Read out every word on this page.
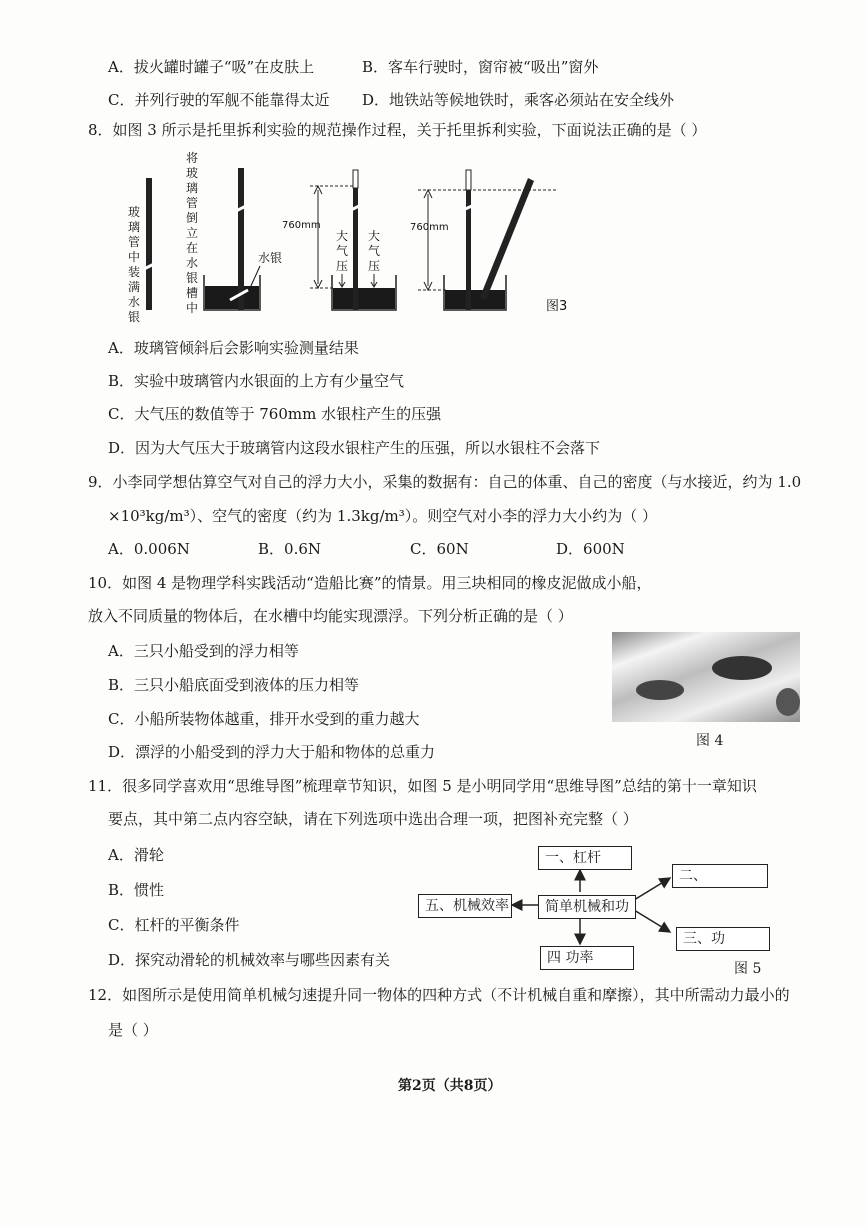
A．拔火罐时罐子“吸”在皮肤上	B．客车行驶时，窗帘被“吸出”窗外
C．并列行驶的军舰不能靠得太近 D．地铁站等候地铁时，乘客必须站在安全线外
8．如图 3 所示是托里拆利实验的规范操作过程，关于托里拆利实验，下面说法正确的是（ ）
玻
璃
管
中
装
满
水
银
将
玻
璃
管
倒
立
在
水
银
槽
中
水银
760mm
大
气
压
大
气
压
760mm
图3
A．玻璃管倾斜后会影响实验测量结果
B．实验中玻璃管内水银面的上方有少量空气
C．大气压的数值等于 760mm 水银柱产生的压强
D．因为大气压大于玻璃管内这段水银柱产生的压强，所以水银柱不会落下
9．小李同学想估算空气对自己的浮力大小，采集的数据有：自己的体重、自己的密度（与水接近，约为 1.0
×10³kg/m³）、空气的密度（约为 1.3kg/m³）。则空气对小李的浮力大小约为（ ）
A．0.006N	B．0.6N	C．60N	D．600N
10．如图 4 是物理学科实践活动“造船比赛”的情景。用三块相同的橡皮泥做成小船，
放入不同质量的物体后，在水槽中均能实现漂浮。下列分析正确的是（ ）
A．三只小船受到的浮力相等
B．三只小船底面受到液体的压力相等
C．小船所装物体越重，排开水受到的重力越大
D．漂浮的小船受到的浮力大于船和物体的总重力
图 4
11．很多同学喜欢用“思维导图”梳理章节知识，如图 5 是小明同学用“思维导图”总结的第十一章知识
要点，其中第二点内容空缺，请在下列选项中选出合理一项，把图补充完整（ ）
A．滑轮
B．惯性
C．杠杆的平衡条件
D．探究动滑轮的机械效率与哪些因素有关
一、杠杆
二、
简单机械和功
五、机械效率
三、功
四 功率
图 5
12．如图所示是使用简单机械匀速提升同一物体的四种方式（不计机械自重和摩擦），其中所需动力最小的
是（ ）
第2页（共8页）
